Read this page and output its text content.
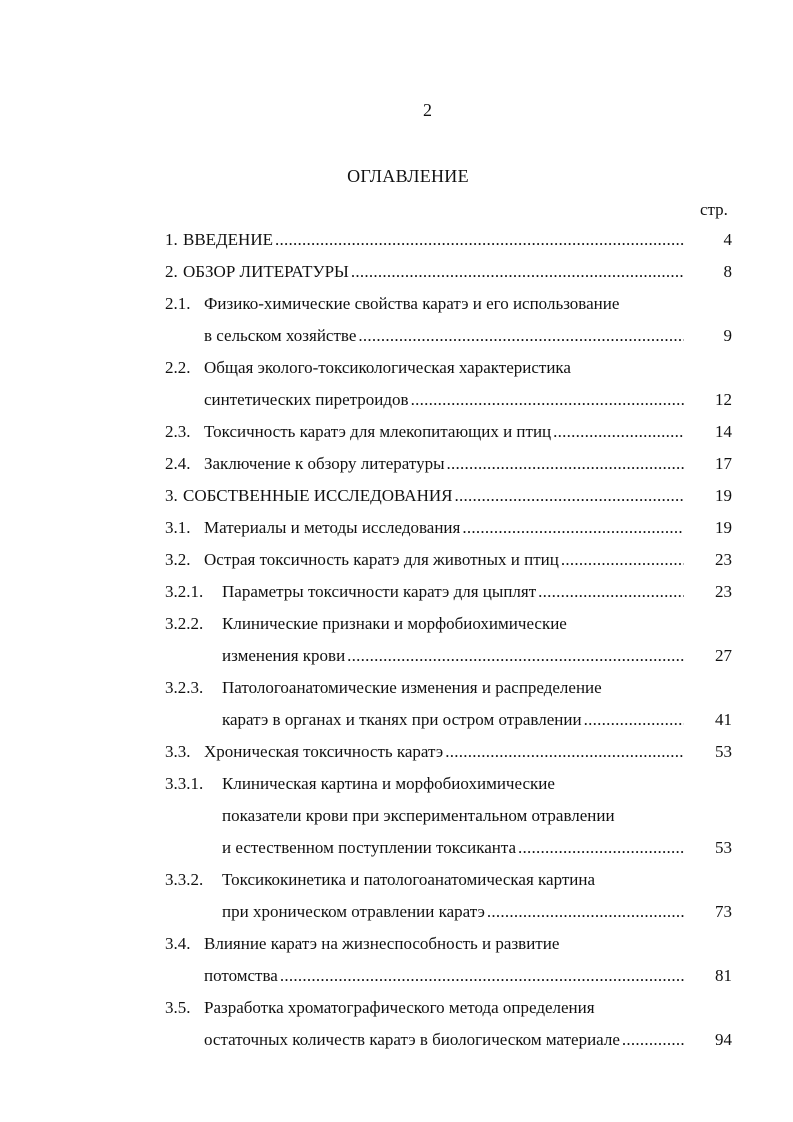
2
ОГЛАВЛЕНИЕ
стр.
1. ВВЕДЕНИЕ . . .	4
2. ОБЗОР ЛИТЕРАТУРЫ . . .	8
2.1. Физико-химические свойства каратэ и его использование
в сельском хозяйстве . . .	9
2.2. Общая эколого-токсикологическая характеристика
синтетических пиретроидов . . .	12
2.3. Токсичность каратэ для млекопитающих и птиц . . .	14
2.4. Заключение к обзору литературы . . .	17
3. СОБСТВЕННЫЕ ИССЛЕДОВАНИЯ . . .	19
3.1. Материалы и методы исследования . . .	19
3.2. Острая токсичность каратэ для животных и птиц . . .	23
3.2.1. Параметры токсичности каратэ для цыплят . . .	23
3.2.2. Клинические признаки и морфобиохимические
изменения крови . . .	27
3.2.3. Патологоанатомические изменения и распределение
каратэ в органах и тканях при остром отравлении . . .	41
3.3. Хроническая токсичность каратэ . . .	53
3.3.1. Клиническая картина и морфобиохимические
показатели крови при экспериментальном отравлении
и естественном поступлении токсиканта . . .	53
3.3.2. Токсикокинетика и патологоанатомическая картина
при хроническом отравлении каратэ . . .	73
3.4. Влияние каратэ на жизнеспособность и развитие
потомства . . .	81
3.5. Разработка хроматографического метода определения
остаточных количеств каратэ в биологическом материале . . .	94
